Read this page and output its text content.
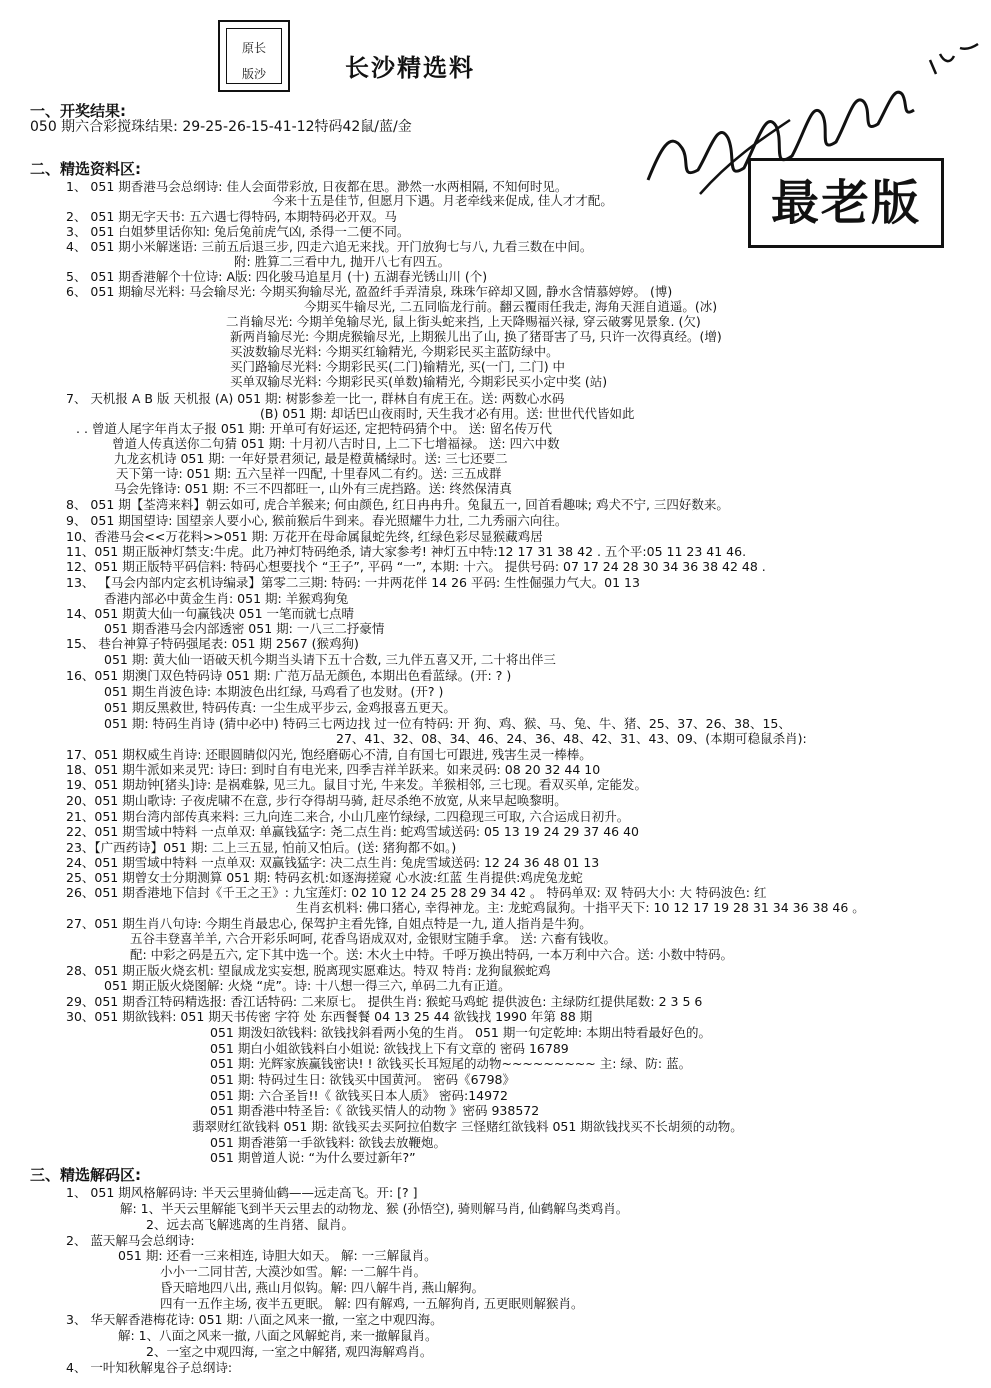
原长
版沙	长沙精选料
最老版
一、开奖结果:
050 期六合彩搅珠结果: 29-25-26-15-41-12特码42鼠/蓝/金
二、精选资料区:
三、精选解码区:
1、 051 期香港马会总纲诗: 佳人会面带彩放, 日夜都在思。渺然一水两相隔, 不知何时见。
今来十五是佳节, 但愿月下遇。月老牵线来促成, 佳人才才配。
2、 051 期无字天书: 五六遇七得特码, 本期特码必开双。马
3、 051 白姐梦里话你知: 兔后兔前虎气凶, 杀得一二便不同。
4、 051 期小米解迷语: 三前五后退三步, 四走六追无来找。开门放狗七与八, 九看三数在中间。
附: 胜算二三看中九, 抛开八七有四五。
5、 051 期香港解个十位诗: A版: 四化骏马追星月 (十) 五湖春光锈山川 (个)
6、 051 期输尽光料: 马会输尽光: 今期买狗输尽光, 盈盈纤手弄清泉, 珠珠乍碎却又圆, 静水含情慕婷婷。 (博)
今期买牛输尽光, 二五同临龙行前。翻云覆雨任我走, 海角天涯自逍遥。(冰)
二肖输尽光: 今期羊兔输尽光, 鼠上街头蛇来挡, 上天降赐福兴禄, 穿云破雾见景象. (欠)
新两肖输尽光: 今期虎猴输尽光, 上期猴儿出了山, 换了猪哥害了马, 只许一次得真经。(增)
买波数输尽光料: 今期买红输精光, 今期彩民买主蓝防绿中。
买门路输尽光料: 今期彩民买(二门)输精光, 买(一门, 二门) 中
买单双输尽光料: 今期彩民买(单数)输精光, 今期彩民买小定中奖 (站)
7、 天机报 A B 版 天机报 (A) 051 期: 树影参差一比一, 群林自有虎王在。送: 两数心水码
(B) 051 期: 却话巴山夜雨时, 天生我才必有用。送: 世世代代皆如此
. . 曾道人尾字年肖太子报 051 期: 开单可有好运还, 定把特码猜个中。 送: 留名传万代
曾道人传真送你二句猜 051 期: 十月初八吉时日, 上二下七增福禄。 送: 四六中数
九龙玄机诗 051 期: 一年好景君须记, 最是橙黄橘绿时。送: 三七还要二
天下第一诗: 051 期: 五六呈祥一四配, 十里春风二有约。送: 三五成群
马会先锋诗: 051 期: 不三不四都旺一, 山外有三虎挡路。送: 终然保清真
8、 051 期【荃湾来料】朝云如可, 虎合羊猴来; 何由颜色, 红日冉冉升。兔鼠五一, 回首看趣味; 鸡犬不宁, 三四好数来。
9、 051 期国望诗: 国望亲人要小心, 猴前猴后牛到来。春光照耀牛力壮, 二九秀丽六向往。
10、香港马会<<万花料>>051 期: 万花开在母命属鼠蛇先终, 红绿色彩尽显猴藏鸡居
11、051 期正版神灯禁支:牛虎。此乃神灯特码绝杀, 请大家参考! 神灯五中特:12 17 31 38 42 . 五个平:05 11 23 41 46.
12、051 期正版特平码信料: 特码心想要找个 “王子”, 平码 “一”, 本期: 十六。 提供号码: 07 17 24 28 30 34 36 38 42 48 .
13、 【马会内部内定玄机诗编录】第零二三期: 特码: 一井两花伴 14 26 平码: 生性倔强力气大。01 13
香港内部必中黄金生肖: 051 期: 羊猴鸡狗兔
14、051 期黄大仙一句赢钱决 051 一笔而就七点晴
051 期香港马会内部透密 051 期: 一八三二抒豪情
15、 巷台神算子特码强尾表: 051 期 2567 (猴鸡狗)
051 期: 黄大仙一语破天机今期当头请下五十合数, 三九伴五喜又开, 二十将出伴三
16、051 期澳门双色特码诗 051 期: 广范万品无颜色, 本期出色看蓝绿。(开: ? )
051 期生肖波色诗: 本期波色出红绿, 马鸡看了也发财。(开? )
051 期反黑救世, 特码传真: 一尘生成平步云, 金鸡报喜五更天。
051 期: 特码生肖诗 (猜中必中) 特码三七两边找 过一位有特码: 开 狗、鸡、猴、马、兔、牛、猪、25、37、26、38、15、
27、41、32、08、34、46、24、36、48、42、31、43、09、(本期可稳鼠杀肖):
17、051 期权威生肖诗: 还眼圆睛似闪光, 饱经磨砺心不清, 自有国七可跟进, 残害生灵一棒棒。
18、051 期牛派如来灵咒: 诗曰: 到时自有电光来, 四季吉祥羊跃来。如来灵码: 08 20 32 44 10
19、051 期劫钟[猪头]诗: 是祸难躲, 见三九。鼠目寸光, 牛来发。羊猴相邻, 三七现。看双买单, 定能发。
20、051 期山歌诗: 子夜虎啸不在意, 步行夺得胡马骑, 赶尽杀绝不放宽, 从来早起唤黎明。
21、051 期台湾内部传真来料: 三九向连二来合, 小山几座竹绿绿, 二四稳现三可取, 六合运成日初升。
22、051 期雪域中特料 一点单双: 单赢钱猛字: 尧二点生肖: 蛇鸡雪域送码: 05 13 19 24 29 37 46 40
23、【广西药诗】051 期: 二上三五显, 怕前又怕后。(送: 猪狗都不如。)
24、051 期雪域中特料 一点单双: 双赢钱猛字: 决二点生肖: 兔虎雪域送码: 12 24 36 48 01 13
25、051 期曾女士分期测算 051 期: 特码玄机:如逐海搓窥 心水波:红蓝 生肖提供:鸡虎兔龙蛇
26、051 期香港地下信封《千王之王》: 九宝莲灯: 02 10 12 24 25 28 29 34 42 。 特码单双: 双 特码大小: 大 特码波色: 红
生肖玄机料: 佛口猪心, 幸得神龙。主: 龙蛇鸡鼠狗。十指平天下: 10 12 17 19 28 31 34 36 38 46 。
27、051 期生肖八句诗: 今期生肖最忠心, 保驾护主看先锋, 自姐点特是一九, 道人指肖是牛狗。
五谷丰登喜羊羊, 六合开彩乐呵呵, 花香鸟语成双对, 金银财宝随手拿。 送: 六畜有钱收。
配: 中彩之码是五六, 定下其中选一个。送: 木火土中特。千呼万换出特码, 一本万利中六合。送: 小数中特码。
28、051 期正版火烧玄机: 望鼠成龙实妄想, 脱离现实愿难达。特双 特肖: 龙狗鼠猴蛇鸡
051 期正版火烧图解: 火烧 “虎”。诗: 十八想一得三六, 单码二九有正道。
29、051 期香江特码精选报: 香江话特码: 二来原七。 提供生肖: 猴蛇马鸡蛇 提供波色: 主绿防红提供尾数: 2 3 5 6
30、051 期欲钱料: 051 期天书传密 字符 处 东西餐餐 04 13 25 44 欲钱找 1990 年第 88 期
051 期泼妇欲钱料: 欲钱找斜看两小兔的生肖。 051 期一句定乾坤: 本期出特看最好色的。
051 期白小姐欲钱料白小姐说: 欲钱找上下有文章的 密码 16789
051 期: 光辉家族赢钱密诀! ! 欲钱买长耳短尾的动物~~~~~~~~~ 主: 绿、防: 蓝。
051 期: 特码过生日: 欲钱买中国黄河。 密码《6798》
051 期: 六合圣旨!!《 欲钱买日本人质》 密码:14972
051 期香港中特圣旨:《 欲钱买情人的动物 》密码 938572
翡翠财红欲钱料 051 期: 欲钱买去买阿拉伯数字 三怪赌红欲钱料 051 期欲钱找买不长胡须的动物。
051 期香港第一手欲钱料: 欲钱去放鞭炮。
051 期曾道人说: “为什么要过新年?”
1、 051 期风格解码诗: 半天云里骑仙鹤——远走高飞。开: [? ]
解: 1、半天云里解能飞到半天云里去的动物龙、猴 (孙悟空), 骑则解马肖, 仙鹤解鸟类鸡肖。
2、远去高飞解逃离的生肖猪、鼠肖。
2、 蓝天解马会总纲诗:
051 期: 还看一三来相连, 诗胆大如天。 解: 一三解鼠肖。
小小一二同甘苦, 大漠沙如雪。解: 一二解牛肖。
昏天暗地四八出, 燕山月似钩。解: 四八解牛肖, 燕山解狗。
四有一五作主场, 夜半五更眠。 解: 四有解鸡, 一五解狗肖, 五更眠则解猴肖。
3、 华天解香港梅花诗: 051 期: 八面之风来一撤, 一室之中观四海。
解: 1、八面之风来一撤, 八面之风解蛇肖, 来一撤解鼠肖。
2、一室之中观四海, 一室之中解猪, 观四海解鸡肖。
4、 一叶知秋解鬼谷子总纲诗:
